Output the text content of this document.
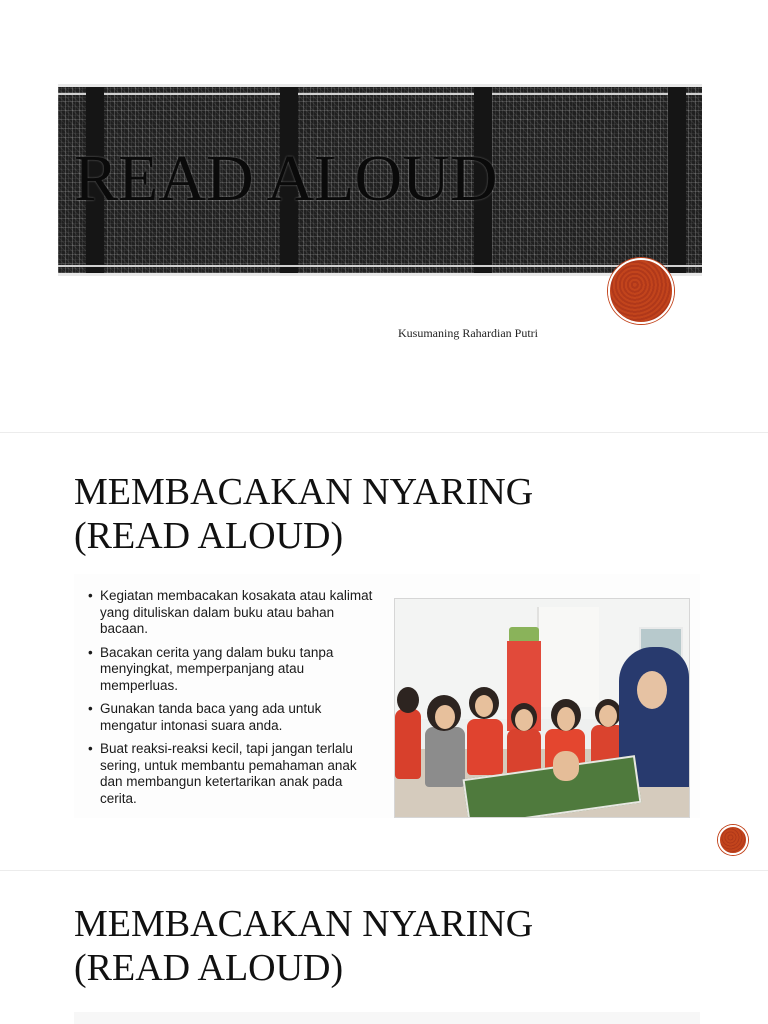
READ ALOUD
Kusumaning Rahardian Putri
MEMBACAKAN NYARING
(READ ALOUD)
• Kegiatan membacakan kosakata atau kalimat yang dituliskan dalam buku atau bahan bacaan.
• Bacakan cerita yang dalam buku tanpa menyingkat, memperpanjang atau memperluas.
• Gunakan tanda baca yang ada untuk mengatur intonasi suara anda.
• Buat reaksi-reaksi kecil, tapi jangan terlalu sering, untuk membantu pemahaman anak dan membangun ketertarikan anak pada cerita.
MEMBACAKAN NYARING
(READ ALOUD)
